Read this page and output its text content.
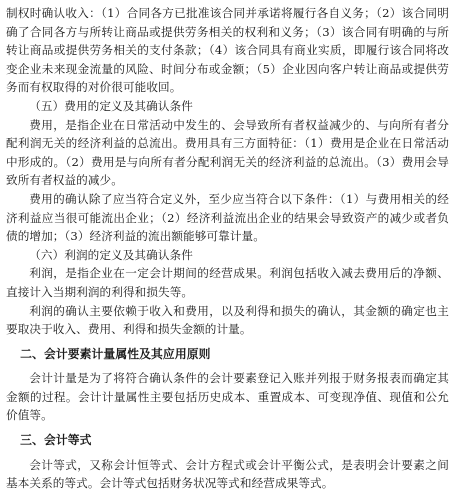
制权时确认收入：（1）合同各方已批准该合同并承诺将履行各自义务；（2）该合同明确了合同各方与所转让商品或提供劳务相关的权利和义务；（3）该合同有明确的与所转让商品或提供劳务相关的支付条款；（4）该合同具有商业实质，即履行该合同将改变企业未来现金流量的风险、时间分布或金额；（5）企业因向客户转让商品或提供劳务而有权取得的对价很可能收回。

（五）费用的定义及其确认条件

费用，是指企业在日常活动中发生的、会导致所有者权益减少的、与向所有者分配利润无关的经济利益的总流出。费用具有三方面特征：（1）费用是企业在日常活动中形成的。（2）费用是与向所有者分配利润无关的经济利益的总流出。（3）费用会导致所有者权益的减少。

费用的确认除了应当符合定义外，至少应当符合以下条件：（1）与费用相关的经济利益应当很可能流出企业；（2）经济利益流出企业的结果会导致资产的减少或者负债的增加；（3）经济利益的流出额能够可靠计量。

（六）利润的定义及其确认条件

利润，是指企业在一定会计期间的经营成果。利润包括收入减去费用后的净额、直接计入当期利润的利得和损失等。

利润的确认主要依赖于收入和费用，以及利得和损失的确认，其金额的确定也主要取决于收入、费用、利得和损失金额的计量。

二、会计要素计量属性及其应用原则

会计计量是为了将符合确认条件的会计要素登记入账并列报于财务报表而确定其金额的过程。会计计量属性主要包括历史成本、重置成本、可变现净值、现值和公允价值等。

三、会计等式

会计等式，又称会计恒等式、会计方程式或会计平衡公式，是表明会计要素之间基本关系的等式。会计等式包括财务状况等式和经营成果等式。
